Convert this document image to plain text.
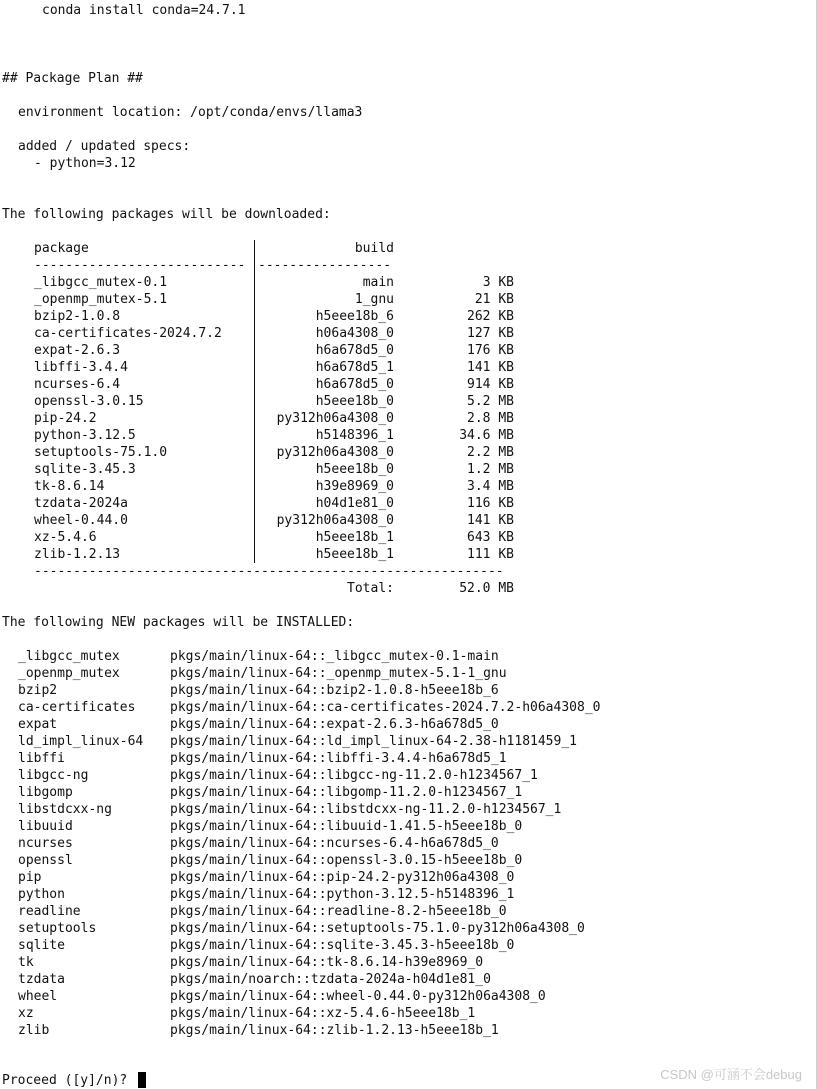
conda install conda=24.7.1
## Package Plan ##
environment location: /opt/conda/envs/llama3
added / updated specs:
- python=3.12
The following packages will be downloaded:
package	build
--------------------------- -----------------
_libgcc_mutex-0.1	main	3 KB
_openmp_mutex-5.1	1_gnu	21 KB
bzip2-1.0.8	h5eee18b_6	262 KB
ca-certificates-2024.7.2	h06a4308_0	127 KB
expat-2.6.3	h6a678d5_0	176 KB
libffi-3.4.4	h6a678d5_1	141 KB
ncurses-6.4	h6a678d5_0	914 KB
openssl-3.0.15	h5eee18b_0	5.2 MB
pip-24.2	py312h06a4308_0	2.8 MB
python-3.12.5	h5148396_1	34.6 MB
setuptools-75.1.0	py312h06a4308_0	2.2 MB
sqlite-3.45.3	h5eee18b_0	1.2 MB
tk-8.6.14	h39e8969_0	3.4 MB
tzdata-2024a	h04d1e81_0	116 KB
wheel-0.44.0	py312h06a4308_0	141 KB
xz-5.4.6	h5eee18b_1	643 KB
zlib-1.2.13	h5eee18b_1	111 KB
------------------------------------------------------------
Total:	52.0 MB
The following NEW packages will be INSTALLED:
_libgcc_mutex	pkgs/main/linux-64::_libgcc_mutex-0.1-main
_openmp_mutex	pkgs/main/linux-64::_openmp_mutex-5.1-1_gnu
bzip2	pkgs/main/linux-64::bzip2-1.0.8-h5eee18b_6
ca-certificates	pkgs/main/linux-64::ca-certificates-2024.7.2-h06a4308_0
expat	pkgs/main/linux-64::expat-2.6.3-h6a678d5_0
ld_impl_linux-64 pkgs/main/linux-64::ld_impl_linux-64-2.38-h1181459_1
libffi	pkgs/main/linux-64::libffi-3.4.4-h6a678d5_1
libgcc-ng	pkgs/main/linux-64::libgcc-ng-11.2.0-h1234567_1
libgomp	pkgs/main/linux-64::libgomp-11.2.0-h1234567_1
libstdcxx-ng	pkgs/main/linux-64::libstdcxx-ng-11.2.0-h1234567_1
libuuid	pkgs/main/linux-64::libuuid-1.41.5-h5eee18b_0
ncurses	pkgs/main/linux-64::ncurses-6.4-h6a678d5_0
openssl	pkgs/main/linux-64::openssl-3.0.15-h5eee18b_0
pip	pkgs/main/linux-64::pip-24.2-py312h06a4308_0
python	pkgs/main/linux-64::python-3.12.5-h5148396_1
readline	pkgs/main/linux-64::readline-8.2-h5eee18b_0
setuptools	pkgs/main/linux-64::setuptools-75.1.0-py312h06a4308_0
sqlite	pkgs/main/linux-64::sqlite-3.45.3-h5eee18b_0
tk	pkgs/main/linux-64::tk-8.6.14-h39e8969_0
tzdata	pkgs/main/noarch::tzdata-2024a-h04d1e81_0
wheel	pkgs/main/linux-64::wheel-0.44.0-py312h06a4308_0
xz	pkgs/main/linux-64::xz-5.4.6-h5eee18b_1
zlib	pkgs/main/linux-64::zlib-1.2.13-h5eee18b_1
Proceed ([y]/n)?	CSDN @可涵不会debug
